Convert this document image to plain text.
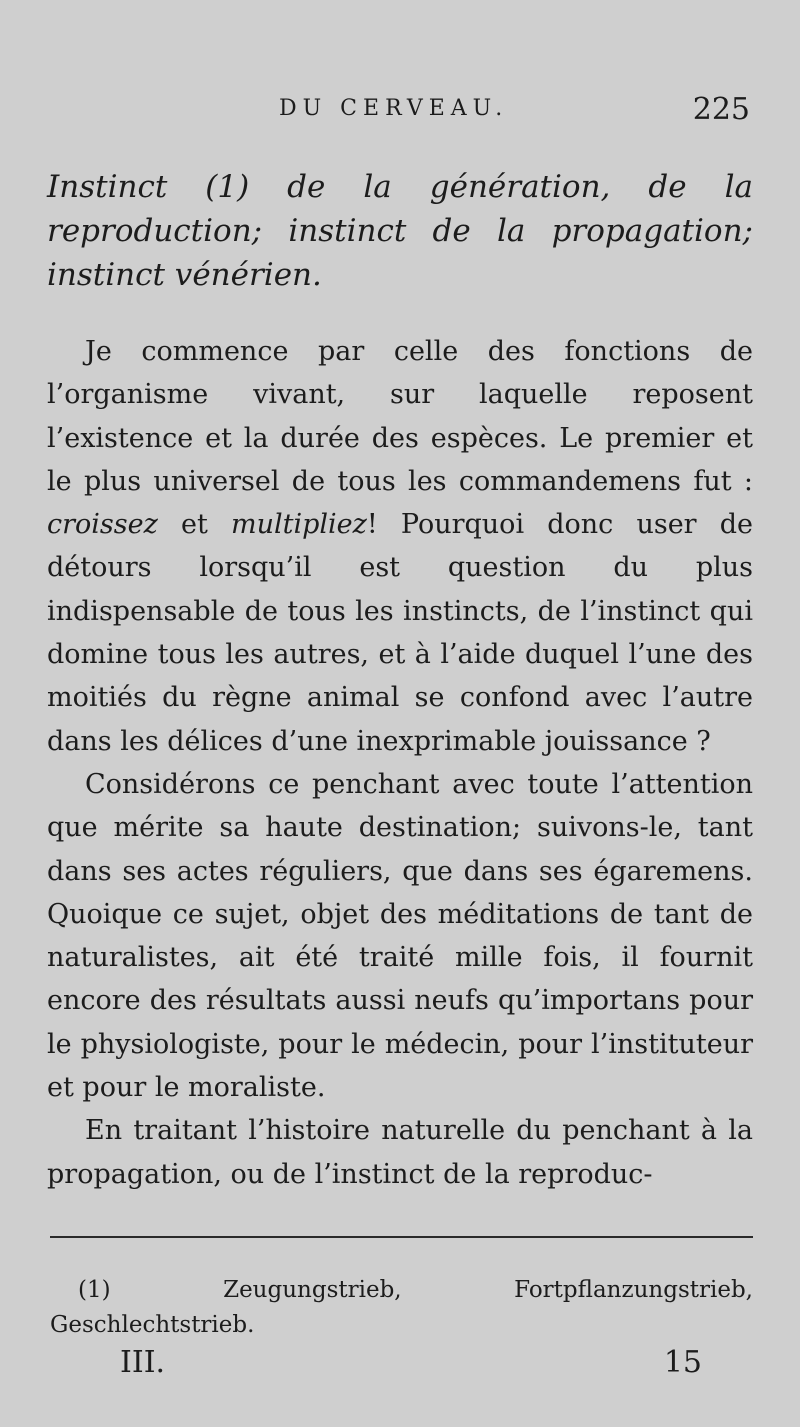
DU CERVEAU.	225
Instinct (1) de la génération, de la reproduction; instinct de la propagation; instinct vénérien.

Je commence par celle des fonctions de l’organisme vivant, sur laquelle reposent l’existence et la durée des espèces. Le premier et le plus universel de tous les commandemens fut : croissez et multipliez! Pourquoi donc user de détours lorsqu’il est question du plus indispensable de tous les instincts, de l’instinct qui domine tous les autres, et à l’aide duquel l’une des moitiés du règne animal se confond avec l’autre dans les délices d’une inexprimable jouissance ?

Considérons ce penchant avec toute l’attention que mérite sa haute destination; suivons-le, tant dans ses actes réguliers, que dans ses égaremens. Quoique ce sujet, objet des méditations de tant de naturalistes, ait été traité mille fois, il fournit encore des résultats aussi neufs qu’importans pour le physiologiste, pour le médecin, pour l’instituteur et pour le moraliste.

En traitant l’histoire naturelle du penchant à la propagation, ou de l’instinct de la reproduc-

(1) Zeugungstrieb, Fortpflanzungstrieb, Geschlechtstrieb.

III.	15
